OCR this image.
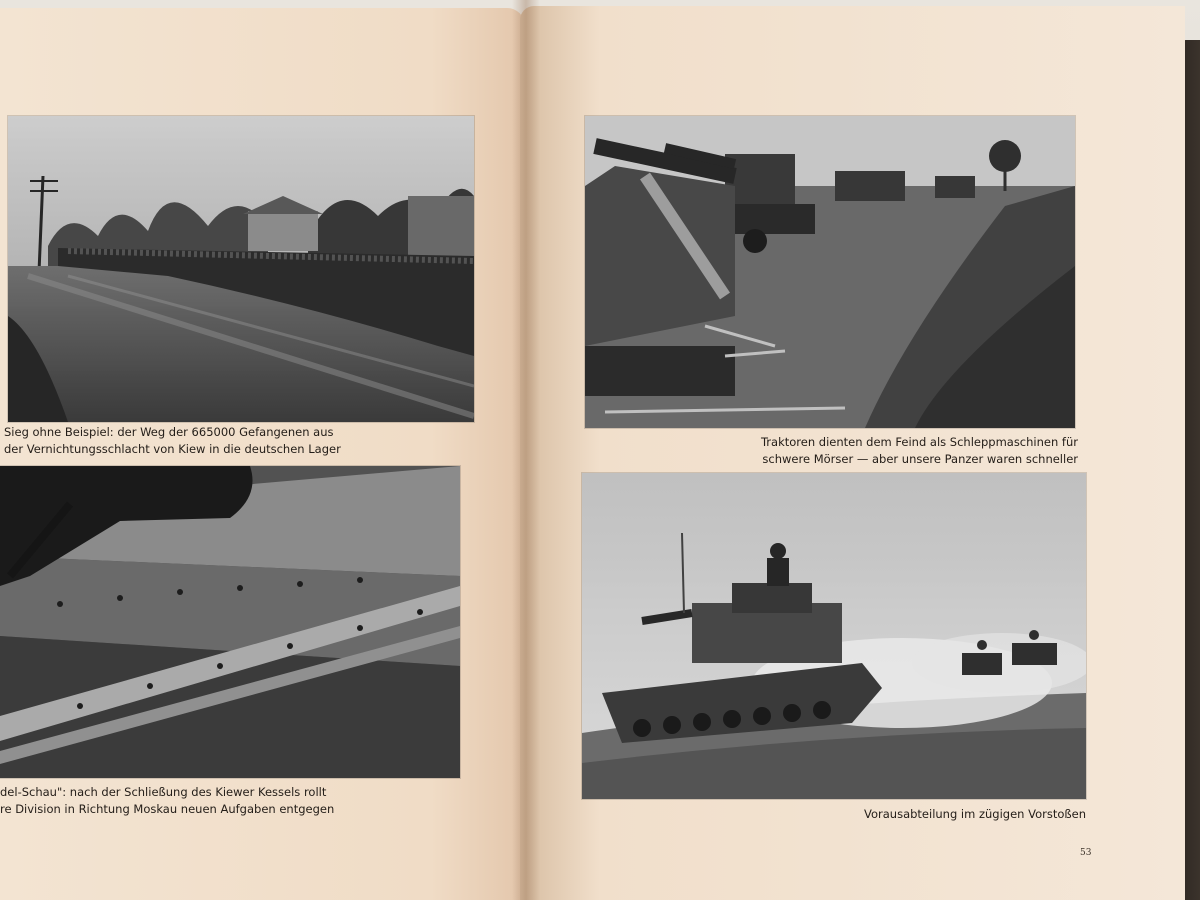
Sieg ohne Beispiel: der Weg der 665000 Gefangenen aus
der Vernichtungsschlacht von Kiew in die deutschen Lager
del-Schau": nach der Schließung des Kiewer Kessels rollt
re Division in Richtung Moskau neuen Aufgaben entgegen
Traktoren dienten dem Feind als Schleppmaschinen für
schwere Mörser — aber unsere Panzer waren schneller
Vorausabteilung im zügigen Vorstoßen
53
